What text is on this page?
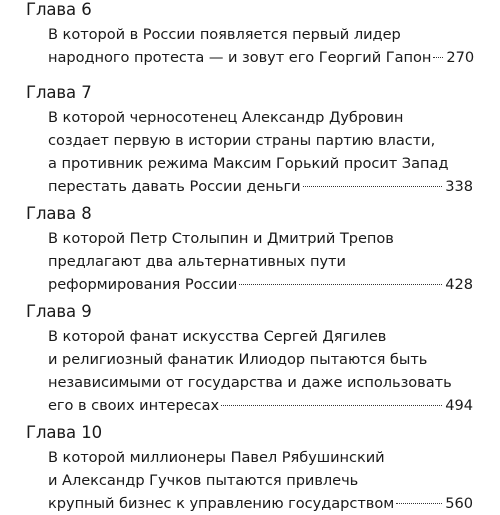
Глава 6
В которой в России появляется первый лидер
народного протеста — и зовут его Георгий Гапон 270
Глава 7
В которой черносотенец Александр Дубровин
создает первую в истории страны партию власти,
а противник режима Максим Горький просит Запад
перестать давать России деньги	338
Глава 8
В которой Петр Столыпин и Дмитрий Трепов
предлагают два альтернативных пути
реформирования России	428
Глава 9
В которой фанат искусства Сергей Дягилев
и религиозный фанатик Илиодор пытаются быть
независимыми от государства и даже использовать
его в своих интересах	494
Глава 10
В которой миллионеры Павел Рябушинский
и Александр Гучков пытаются привлечь
крупный бизнес к управлению государством	560
